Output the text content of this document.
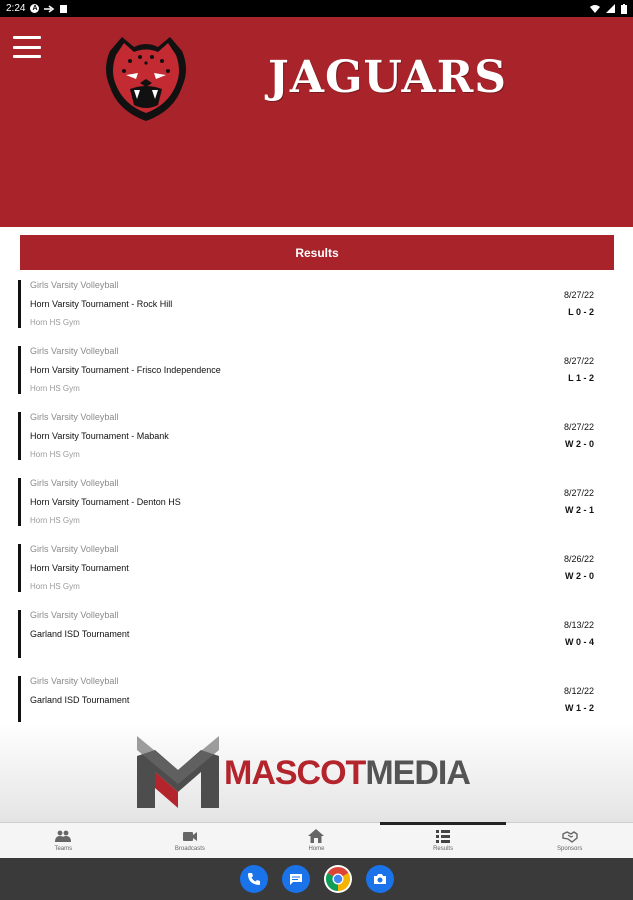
2:24 A
JAGUARS
Results
Girls Varsity Volleyball
Horn Varsity Tournament - Rock Hill
Horn HS Gym
8/27/22
L 0 - 2
Girls Varsity Volleyball
Horn Varsity Tournament - Frisco Independence
Horn HS Gym
8/27/22
L 1 - 2
Girls Varsity Volleyball
Horn Varsity Tournament - Mabank
Horn HS Gym
8/27/22
W 2 - 0
Girls Varsity Volleyball
Horn Varsity Tournament - Denton HS
Horn HS Gym
8/27/22
W 2 - 1
Girls Varsity Volleyball
Horn Varsity Tournament
Horn HS Gym
8/26/22
W 2 - 0
Girls Varsity Volleyball
Garland ISD Tournament
8/13/22
W 0 - 4
Girls Varsity Volleyball
Garland ISD Tournament
8/12/22
W 1 - 2
MASCOTMEDIA
Teams	Broadcasts	Home	Results	Sponsors
